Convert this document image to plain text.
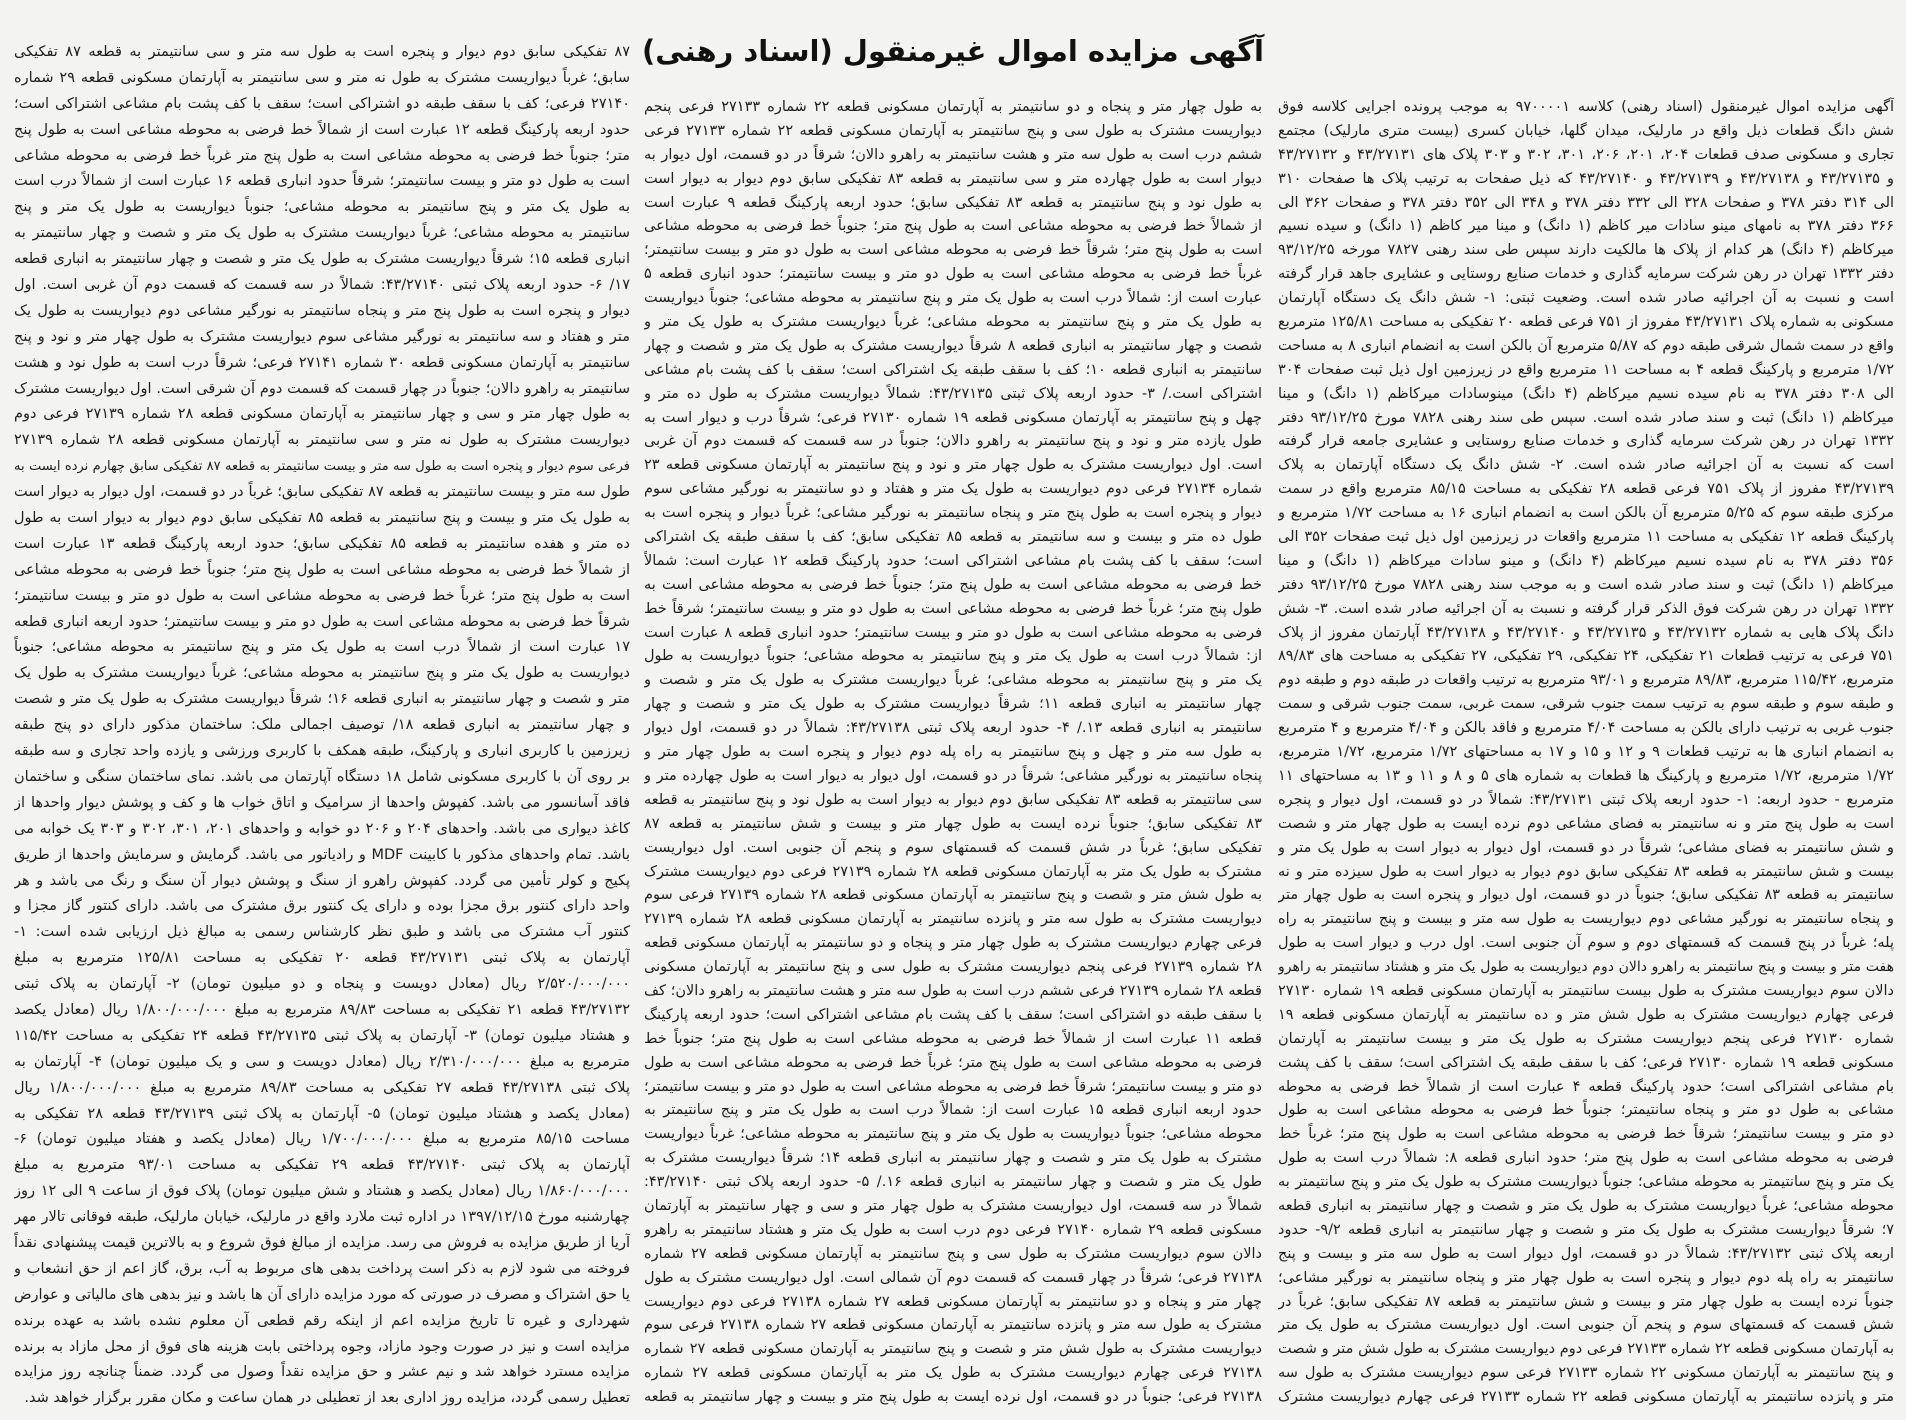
آگهی مزایده اموال غیرمنقول (اسناد رهنی)
آگهی مزایده اموال غیرمنقول (اسناد رهنی) کلاسه ۹۷۰۰۰۰۱ به موجب پرونده اجرایی کلاسه فوق
شش دانگ قطعات ذیل واقع در مارلیک، میدان گلها، خیابان کسری (بیست متری مارلیک) مجتمع
تجاری و مسکونی صدف قطعات ۲۰۴، ۲۰۱، ۲۰۶، ۳۰۱، ۳۰۲ و ۳۰۳ پلاک های ۴۳/۲۷۱۳۱ و ۴۳/۲۷۱۳۲
و ۴۳/۲۷۱۳۵ و ۴۳/۲۷۱۳۸ و ۴۳/۲۷۱۳۹ و ۴۳/۲۷۱۴۰ که ذیل صفحات به ترتیب پلاک ها صفحات ۳۱۰
الی ۳۱۴ دفتر ۳۷۸ و صفحات ۳۲۸ الی ۳۳۲ دفتر ۳۷۸ و ۳۴۸ الی ۳۵۲ دفتر ۳۷۸ و صفحات ۳۶۲ الی
۳۶۶ دفتر ۳۷۸ به نامهای مینو سادات میر کاظم (۱ دانگ) و مینا میر کاظم (۱ دانگ) و سیده نسیم
میرکاظم (۴ دانگ) هر کدام از پلاک ها مالکیت دارند سپس طی سند رهنی ۷۸۲۷ مورخه ۹۳/۱۲/۲۵
دفتر ۱۳۳۲ تهران در رهن شرکت سرمایه گذاری و خدمات صنایع روستایی و عشایری جاهد قرار گرفته
است و نسبت به آن اجرائیه صادر شده است. وضعیت ثبتی: ۱- شش دانگ یک دستگاه آپارتمان
مسکونی به شماره پلاک ۴۳/۲۷۱۳۱ مفروز از ۷۵۱ فرعی قطعه ۲۰ تفکیکی به مساحت ۱۲۵/۸۱ مترمربع
واقع در سمت شمال شرقی طبقه دوم که ۵/۸۷ مترمربع آن بالکن است به انضمام انباری ۸ به مساحت
۱/۷۲ مترمربع و پارکینگ قطعه ۴ به مساحت ۱۱ مترمربع واقع در زیرزمین اول ذیل ثبت صفحات ۳۰۴
الی ۳۰۸ دفتر ۳۷۸ به نام سیده نسیم میرکاظم (۴ دانگ) مینوسادات میرکاظم (۱ دانگ) و مینا
میرکاظم (۱ دانگ) ثبت و سند صادر شده است. سپس طی سند رهنی ۷۸۲۸ مورخ ۹۳/۱۲/۲۵ دفتر
۱۳۳۲ تهران در رهن شرکت سرمایه گذاری و خدمات صنایع روستایی و عشایری جامعه قرار گرفته
است که نسبت به آن اجرائیه صادر شده است. ۲- شش دانگ یک دستگاه آپارتمان به پلاک
۴۳/۲۷۱۳۹ مفروز از پلاک ۷۵۱ فرعی قطعه ۲۸ تفکیکی به مساحت ۸۵/۱۵ مترمربع واقع در سمت
مرکزی طبقه سوم که ۵/۲۵ مترمربع آن بالکن است به انضمام انباری ۱۶ به مساحت ۱/۷۲ مترمربع و
پارکینگ قطعه ۱۲ تفکیکی به مساحت ۱۱ مترمربع واقعات در زیرزمین اول ذیل ثبت صفحات ۳۵۲ الی
۳۵۶ دفتر ۳۷۸ به نام سیده نسیم میرکاظم (۴ دانگ) و مینو سادات میرکاظم (۱ دانگ) و مینا
میرکاظم (۱ دانگ) ثبت و سند صادر شده است و به موجب سند رهنی ۷۸۲۸ مورخ ۹۳/۱۲/۲۵ دفتر
۱۳۳۲ تهران در رهن شرکت فوق الذکر قرار گرفته و نسبت به آن اجرائیه صادر شده است. ۳- شش
دانگ پلاک هایی به شماره ۴۳/۲۷۱۳۲ و ۴۳/۲۷۱۳۵ و ۴۳/۲۷۱۴۰ و ۴۳/۲۷۱۳۸ آپارتمان مفروز از پلاک
۷۵۱ فرعی به ترتیب قطعات ۲۱ تفکیکی، ۲۴ تفکیکی، ۲۹ تفکیکی، ۲۷ تفکیکی به مساحت های ۸۹/۸۳
مترمربع، ۱۱۵/۴۲ مترمربع، ۸۹/۸۳ مترمربع و ۹۳/۰۱ مترمربع به ترتیب واقعات در طبقه دوم و طبقه دوم
و طبقه سوم و طبقه سوم به ترتیب سمت جنوب شرقی، سمت غربی، سمت جنوب شرقی و سمت
جنوب غربی به ترتیب دارای بالکن به مساحت ۴/۰۴ مترمربع و فاقد بالکن و ۴/۰۴ مترمربع و ۴ مترمربع
به انضمام انباری ها به ترتیب قطعات ۹ و ۱۲ و ۱۵ و ۱۷ به مساحتهای ۱/۷۲ مترمربع، ۱/۷۲ مترمربع،
۱/۷۲ مترمربع، ۱/۷۲ مترمربع و پارکینگ ها قطعات به شماره های ۵ و ۸ و ۱۱ و ۱۳ به مساحتهای ۱۱
مترمربع - حدود اربعه: ۱- حدود اربعه پلاک ثبتی ۴۳/۲۷۱۳۱: شمالاً در دو قسمت، اول دیوار و پنجره
است به طول پنج متر و نه سانتیمتر به فضای مشاعی دوم نرده ایست به طول چهار متر و شصت
و شش سانتیمتر به فضای مشاعی؛ شرقاً در دو قسمت، اول دیوار به دیوار است به طول یک متر و
بیست و شش سانتیمتر به قطعه ۸۳ تفکیکی سابق دوم دیوار به دیوار است به طول سیزده متر و نه
سانتیمتر به قطعه ۸۳ تفکیکی سابق؛ جنوباً در دو قسمت، اول دیوار و پنجره است به طول چهار متر
و پنجاه سانتیمتر به نورگیر مشاعی دوم دیواریست به طول سه متر و بیست و پنج سانتیمتر به راه
پله؛ غرباً در پنج قسمت که قسمتهای دوم و سوم آن جنوبی است. اول درب و دیوار است به طول
هفت متر و بیست و پنج سانتیمتر به راهرو دالان دوم دیواریست به طول یک متر و هشتاد سانتیمتر به راهرو
دالان سوم دیواریست مشترک به طول بیست سانتیمتر به آپارتمان مسکونی قطعه ۱۹ شماره ۲۷۱۳۰
فرعی چهارم دیواریست مشترک به طول شش متر و ده سانتیمتر به آپارتمان مسکونی قطعه ۱۹
شماره ۲۷۱۳۰ فرعی پنجم دیواریست مشترک به طول یک متر و بیست سانتیمتر به آپارتمان
مسکونی قطعه ۱۹ شماره ۲۷۱۳۰ فرعی؛ کف با سقف طبقه یک اشتراکی است؛ سقف با کف پشت
بام مشاعی اشتراکی است؛ حدود پارکینگ قطعه ۴ عبارت است از شمالاً خط فرضی به محوطه
مشاعی به طول دو متر و پنجاه سانتیمتر؛ جنوباً خط فرضی به محوطه مشاعی است به طول
دو متر و بیست سانتیمتر؛ شرقاً خط فرضی به محوطه مشاعی است به طول پنج متر؛ غرباً خط
فرضی به محوطه مشاعی است به طول پنج متر؛ حدود انباری قطعه ۸: شمالاً درب است به طول
یک متر و پنج سانتیمتر به محوطه مشاعی؛ جنوباً دیواریست مشترک به طول یک متر و پنج سانتیمتر به
محوطه مشاعی؛ غرباً دیواریست مشترک به طول یک متر و شصت و چهار سانتیمتر به انباری قطعه
۷؛ شرقاً دیواریست مشترک به طول یک متر و شصت و چهار سانتیمتر به انباری قطعه ۹/۲- حدود
اربعه پلاک ثبتی ۴۳/۲۷۱۳۲: شمالاً در دو قسمت، اول دیوار است به طول سه متر و بیست و پنج
سانتیمتر به راه پله دوم دیوار و پنجره است به طول چهار متر و پنجاه سانتیمتر به نورگیر مشاعی؛
جنوباً نرده ایست به طول چهار متر و بیست و شش سانتیمتر به قطعه ۸۷ تفکیکی سابق؛ غرباً در
شش قسمت که قسمتهای سوم و پنجم آن جنوبی است. اول دیواریست مشترک به طول یک متر
به آپارتمان مسکونی قطعه ۲۲ شماره ۲۷۱۳۳ فرعی دوم دیواریست مشترک به طول شش متر و شصت
و پنج سانتیمتر به آپارتمان مسکونی ۲۲ شماره ۲۷۱۳۳ فرعی سوم دیواریست مشترک به طول سه
متر و پانزده سانتیمتر به آپارتمان مسکونی قطعه ۲۲ شماره ۲۷۱۳۳ فرعی چهارم دیواریست مشترک
به طول چهار متر و پنجاه و دو سانتیمتر به آپارتمان مسکونی قطعه ۲۲ شماره ۲۷۱۳۳ فرعی پنجم
دیواریست مشترک به طول سی و پنج سانتیمتر به آپارتمان مسکونی قطعه ۲۲ شماره ۲۷۱۳۳ فرعی
ششم درب است به طول سه متر و هشت سانتیمتر به راهرو دالان؛ شرقاً در دو قسمت، اول دیوار به
دیوار است به طول چهارده متر و سی سانتیمتر به قطعه ۸۳ تفکیکی سابق دوم دیوار به دیوار است
به طول نود و پنج سانتیمتر به قطعه ۸۳ تفکیکی سابق؛ حدود اربعه پارکینگ قطعه ۹ عبارت است
از شمالاً خط فرضی به محوطه مشاعی است به طول پنج متر؛ جنوباً خط فرضی به محوطه مشاعی
است به طول پنج متر؛ شرقاً خط فرضی به محوطه مشاعی است به طول دو متر و بیست سانتیمتر؛
غرباً خط فرضی به محوطه مشاعی است به طول دو متر و بیست سانتیمتر؛ حدود انباری قطعه ۵
عبارت است از: شمالاً درب است به طول یک متر و پنج سانتیمتر به محوطه مشاعی؛ جنوباً دیواریست
به طول یک متر و پنج سانتیمتر به محوطه مشاعی؛ غرباً دیواریست مشترک به طول یک متر و
شصت و چهار سانتیمتر به انباری قطعه ۸ شرقاً دیواریست مشترک به طول یک متر و شصت و چهار
سانتیمتر به انباری قطعه ۱۰؛ کف با سقف طبقه یک اشتراکی است؛ سقف با کف پشت بام مشاعی
اشتراکی است./ ۳- حدود اربعه پلاک ثبتی ۴۳/۲۷۱۳۵: شمالاً دیواریست مشترک به طول ده متر و
چهل و پنج سانتیمتر به آپارتمان مسکونی قطعه ۱۹ شماره ۲۷۱۳۰ فرعی؛ شرقاً درب و دیوار است به
طول یازده متر و نود و پنج سانتیمتر به راهرو دالان؛ جنوباً در سه قسمت که قسمت دوم آن غربی
است. اول دیواریست مشترک به طول چهار متر و نود و پنج سانتیمتر به آپارتمان مسکونی قطعه ۲۳
شماره ۲۷۱۳۴ فرعی دوم دیواریست به طول یک متر و هفتاد و دو سانتیمتر به نورگیر مشاعی سوم
دیوار و پنجره است به طول پنج متر و پنجاه سانتیمتر به نورگیر مشاعی؛ غرباً دیوار و پنجره است به
طول ده متر و بیست و سه سانتیمتر به قطعه ۸۵ تفکیکی سابق؛ کف با سقف طبقه یک اشتراکی
است؛ سقف با کف پشت بام مشاعی اشتراکی است؛ حدود پارکینگ قطعه ۱۲ عبارت است: شمالاً
خط فرضی به محوطه مشاعی است به طول پنج متر؛ جنوباً خط فرضی به محوطه مشاعی است به
طول پنج متر؛ غرباً خط فرضی به محوطه مشاعی است به طول دو متر و بیست سانتیمتر؛ شرقاً خط
فرضی به محوطه مشاعی است به طول دو متر و بیست سانتیمتر؛ حدود انباری قطعه ۸ عبارت است
از: شمالاً درب است به طول یک متر و پنج سانتیمتر به محوطه مشاعی؛ جنوباً دیواریست به طول
یک متر و پنج سانتیمتر به محوطه مشاعی؛ غرباً دیواریست مشترک به طول یک متر و شصت و
چهار سانتیمتر به انباری قطعه ۱۱؛ شرقاً دیواریست مشترک به طول یک متر و شصت و چهار
سانتیمتر به انباری قطعه ۱۳./ ۴- حدود اربعه پلاک ثبتی ۴۳/۲۷۱۳۸: شمالاً در دو قسمت، اول دیوار
به طول سه متر و چهل و پنج سانتیمتر به راه پله دوم دیوار و پنجره است به طول چهار متر و
پنجاه سانتیمتر به نورگیر مشاعی؛ شرقاً در دو قسمت، اول دیوار به دیوار است به طول چهارده متر و
سی سانتیمتر به قطعه ۸۳ تفکیکی سابق دوم دیوار به دیوار است به طول نود و پنج سانتیمتر به قطعه
۸۳ تفکیکی سابق؛ جنوباً نرده ایست به طول چهار متر و بیست و شش سانتیمتر به قطعه ۸۷
تفکیکی سابق؛ غرباً در شش قسمت که قسمتهای سوم و پنجم آن جنوبی است. اول دیواریست
مشترک به طول یک متر به آپارتمان مسکونی قطعه ۲۸ شماره ۲۷۱۳۹ فرعی دوم دیواریست مشترک
به طول شش متر و شصت و پنج سانتیمتر به آپارتمان مسکونی قطعه ۲۸ شماره ۲۷۱۳۹ فرعی سوم
دیواریست مشترک به طول سه متر و پانزده سانتیمتر به آپارتمان مسکونی قطعه ۲۸ شماره ۲۷۱۳۹
فرعی چهارم دیواریست مشترک به طول چهار متر و پنجاه و دو سانتیمتر به آپارتمان مسکونی قطعه
۲۸ شماره ۲۷۱۳۹ فرعی پنجم دیواریست مشترک به طول سی و پنج سانتیمتر به آپارتمان مسکونی
قطعه ۲۸ شماره ۲۷۱۳۹ فرعی ششم درب است به طول سه متر و هشت سانتیمتر به راهرو دالان؛ کف
با سقف طبقه دو اشتراکی است؛ سقف با کف پشت بام مشاعی اشتراکی است؛ حدود اربعه پارکینگ
قطعه ۱۱ عبارت است از شمالاً خط فرضی به محوطه مشاعی است به طول پنج متر؛ جنوباً خط
فرضی به محوطه مشاعی است به طول پنج متر؛ غرباً خط فرضی به محوطه مشاعی است به طول
دو متر و بیست سانتیمتر؛ شرقاً خط فرضی به محوطه مشاعی است به طول دو متر و بیست سانتیمتر؛
حدود اربعه انباری قطعه ۱۵ عبارت است از: شمالاً درب است به طول یک متر و پنج سانتیمتر به
محوطه مشاعی؛ جنوباً دیواریست به طول یک متر و پنج سانتیمتر به محوطه مشاعی؛ غرباً دیواریست
مشترک به طول یک متر و شصت و چهار سانتیمتر به انباری قطعه ۱۴؛ شرقاً دیواریست مشترک به
طول یک متر و شصت و چهار سانتیمتر به انباری قطعه ۱۶./ ۵- حدود اربعه پلاک ثبتی ۴۳/۲۷۱۴۰:
شمالاً در سه قسمت، اول دیواریست مشترک به طول چهار متر و سی و چهار سانتیمتر به آپارتمان
مسکونی قطعه ۲۹ شماره ۲۷۱۴۰ فرعی دوم درب است به طول یک متر و هشتاد سانتیمتر به راهرو
دالان سوم دیواریست مشترک به طول سی و پنج سانتیمتر به آپارتمان مسکونی قطعه ۲۷ شماره
۲۷۱۳۸ فرعی؛ شرقاً در چهار قسمت که قسمت دوم آن شمالی است. اول دیواریست مشترک به طول
چهار متر و پنجاه و دو سانتیمتر به آپارتمان مسکونی قطعه ۲۷ شماره ۲۷۱۳۸ فرعی دوم دیواریست
مشترک به طول سه متر و پانزده سانتیمتر به آپارتمان مسکونی قطعه ۲۷ شماره ۲۷۱۳۸ فرعی سوم
دیواریست مشترک به طول شش متر و شصت و پنج سانتیمتر به آپارتمان مسکونی قطعه ۲۷ شماره
۲۷۱۳۸ فرعی چهارم دیواریست مشترک به طول یک متر به آپارتمان مسکونی قطعه ۲۷ شماره
۲۷۱۳۸ فرعی؛ جنوباً در دو قسمت، اول نرده ایست به طول پنج متر و بیست و چهار سانتیمتر به قطعه
۸۷ تفکیکی سابق دوم دیوار و پنجره است به طول سه متر و سی سانتیمتر به قطعه ۸۷ تفکیکی
سابق؛ غرباً دیواریست مشترک به طول نه متر و سی سانتیمتر به آپارتمان مسکونی قطعه ۲۹ شماره
۲۷۱۴۰ فرعی؛ کف با سقف طبقه دو اشتراکی است؛ سقف با کف پشت بام مشاعی اشتراکی است؛
حدود اربعه پارکینگ قطعه ۱۲ عبارت است از شمالاً خط فرضی به محوطه مشاعی است به طول پنج
متر؛ جنوباً خط فرضی به محوطه مشاعی است به طول پنج متر غرباً خط فرضی به محوطه مشاعی
است به طول دو متر و بیست سانتیمتر؛ شرقاً حدود انباری قطعه ۱۶ عبارت است از شمالاً درب است
به طول یک متر و پنج سانتیمتر به محوطه مشاعی؛ جنوباً دیواریست به طول یک متر و پنج
سانتیمتر به محوطه مشاعی؛ غرباً دیواریست مشترک به طول یک متر و شصت و چهار سانتیمتر به
انباری قطعه ۱۵؛ شرقاً دیواریست مشترک به طول یک متر و شصت و چهار سانتیمتر به انباری قطعه
۱۷/ ۶- حدود اربعه پلاک ثبتی ۴۳/۲۷۱۴۰: شمالاً در سه قسمت که قسمت دوم آن غربی است. اول
دیوار و پنجره است به طول پنج متر و پنجاه سانتیمتر به نورگیر مشاعی دوم دیواریست به طول یک
متر و هفتاد و سه سانتیمتر به نورگیر مشاعی سوم دیواریست مشترک به طول چهار متر و نود و پنج
سانتیمتر به آپارتمان مسکونی قطعه ۳۰ شماره ۲۷۱۴۱ فرعی؛ شرقاً درب است به طول نود و هشت
سانتیمتر به راهرو دالان؛ جنوباً در چهار قسمت که قسمت دوم آن شرقی است. اول دیواریست مشترک
به طول چهار متر و سی و چهار سانتیمتر به آپارتمان مسکونی قطعه ۲۸ شماره ۲۷۱۳۹ فرعی دوم
دیواریست مشترک به طول نه متر و سی سانتیمتر به آپارتمان مسکونی قطعه ۲۸ شماره ۲۷۱۳۹
فرعی سوم دیوار و پنجره است به طول سه متر و بیست سانتیمتر به قطعه ۸۷ تفکیکی سابق چهارم نرده ایست به
طول سه متر و بیست سانتیمتر به قطعه ۸۷ تفکیکی سابق؛ غرباً در دو قسمت، اول دیوار به دیوار است
به طول یک متر و بیست و پنج سانتیمتر به قطعه ۸۵ تفکیکی سابق دوم دیوار به دیوار است به طول
ده متر و هفده سانتیمتر به قطعه ۸۵ تفکیکی سابق؛ حدود اربعه پارکینگ قطعه ۱۳ عبارت است
از شمالاً خط فرضی به محوطه مشاعی است به طول پنج متر؛ جنوباً خط فرضی به محوطه مشاعی
است به طول پنج متر؛ غرباً خط فرضی به محوطه مشاعی است به طول دو متر و بیست سانتیمتر؛
شرقاً خط فرضی به محوطه مشاعی است به طول دو متر و بیست سانتیمتر؛ حدود اربعه انباری قطعه
۱۷ عبارت است از شمالاً درب است به طول یک متر و پنج سانتیمتر به محوطه مشاعی؛ جنوباً
دیواریست به طول یک متر و پنج سانتیمتر به محوطه مشاعی؛ غرباً دیواریست مشترک به طول یک
متر و شصت و چهار سانتیمتر به انباری قطعه ۱۶؛ شرقاً دیواریست مشترک به طول یک متر و شصت
و چهار سانتیمتر به انباری قطعه ۱۸/ توصیف اجمالی ملک: ساختمان مذکور دارای دو پنج طبقه
زیرزمین با کاربری انباری و پارکینگ، طبقه همکف با کاربری ورزشی و یازده واحد تجاری و سه طبقه
بر روی آن با کاربری مسکونی شامل ۱۸ دستگاه آپارتمان می باشد. نمای ساختمان سنگی و ساختمان
فاقد آسانسور می باشد. کفپوش واحدها از سرامیک و اتاق خواب ها و کف و پوشش دیوار واحدها از
کاغذ دیواری می باشد. واحدهای ۲۰۴ و ۲۰۶ دو خوابه و واحدهای ۲۰۱، ۳۰۱، ۳۰۲ و ۳۰۳ یک خوابه می
باشد. تمام واحدهای مذکور با کابینت MDF و رادیاتور می باشد. گرمایش و سرمایش واحدها از طریق
پکیج و کولر تأمین می گردد. کفپوش راهرو از سنگ و پوشش دیوار آن سنگ و رنگ می باشد و هر
واحد دارای کنتور برق مجزا بوده و دارای یک کنتور برق مشترک می باشد. دارای کنتور گاز مجزا و
کنتور آب مشترک می باشد و طبق نظر کارشناس رسمی به مبالغ ذیل ارزیابی شده است: ۱-
آپارتمان به پلاک ثبتی ۴۳/۲۷۱۳۱ قطعه ۲۰ تفکیکی به مساحت ۱۲۵/۸۱ مترمربع به مبلغ
۲/۵۲۰/۰۰۰/۰۰۰ ریال (معادل دویست و پنجاه و دو میلیون تومان) ۲- آپارتمان به پلاک ثبتی
۴۳/۲۷۱۳۲ قطعه ۲۱ تفکیکی به مساحت ۸۹/۸۳ مترمربع به مبلغ ۱/۸۰۰/۰۰۰/۰۰۰ ریال (معادل یکصد
و هشتاد میلیون تومان) ۳- آپارتمان به پلاک ثبتی ۴۳/۲۷۱۳۵ قطعه ۲۴ تفکیکی به مساحت ۱۱۵/۴۲
مترمربع به مبلغ ۲/۳۱۰/۰۰۰/۰۰۰ ریال (معادل دویست و سی و یک میلیون تومان) ۴- آپارتمان به
پلاک ثبتی ۴۳/۲۷۱۳۸ قطعه ۲۷ تفکیکی به مساحت ۸۹/۸۳ مترمربع به مبلغ ۱/۸۰۰/۰۰۰/۰۰۰ ریال
(معادل یکصد و هشتاد میلیون تومان) ۵- آپارتمان به پلاک ثبتی ۴۳/۲۷۱۳۹ قطعه ۲۸ تفکیکی به
مساحت ۸۵/۱۵ مترمربع به مبلغ ۱/۷۰۰/۰۰۰/۰۰۰ ریال (معادل یکصد و هفتاد میلیون تومان) ۶-
آپارتمان به پلاک ثبتی ۴۳/۲۷۱۴۰ قطعه ۲۹ تفکیکی به مساحت ۹۳/۰۱ مترمربع به مبلغ
۱/۸۶۰/۰۰۰/۰۰۰ ریال (معادل یکصد و هشتاد و شش میلیون تومان) پلاک فوق از ساعت ۹ الی ۱۲ روز
چهارشنبه مورخ ۱۳۹۷/۱۲/۱۵ در اداره ثبت ملارد واقع در مارلیک، خیابان مارلیک، طبقه فوقانی تالار مهر
آریا از طریق مزایده به فروش می رسد. مزایده از مبالغ فوق شروع و به بالاترین قیمت پیشنهادی نقداً
فروخته می شود لازم به ذکر است پرداخت بدهی های مربوط به آب، برق، گاز اعم از حق انشعاب و
یا حق اشتراک و مصرف در صورتی که مورد مزایده دارای آن ها باشد و نیز بدهی های مالیاتی و عوارض
شهرداری و غیره تا تاریخ مزایده اعم از اینکه رقم قطعی آن معلوم نشده باشد به عهده برنده
مزایده است و نیز در صورت وجود مازاد، وجوه پرداختی بابت هزینه های فوق از محل مازاد به برنده
مزایده مسترد خواهد شد و نیم عشر و حق مزایده نقداً وصول می گردد. ضمناً چنانچه روز مزایده
تعطیل رسمی گردد، مزایده روز اداری بعد از تعطیلی در همان ساعت و مکان مقرر برگزار خواهد شد.
